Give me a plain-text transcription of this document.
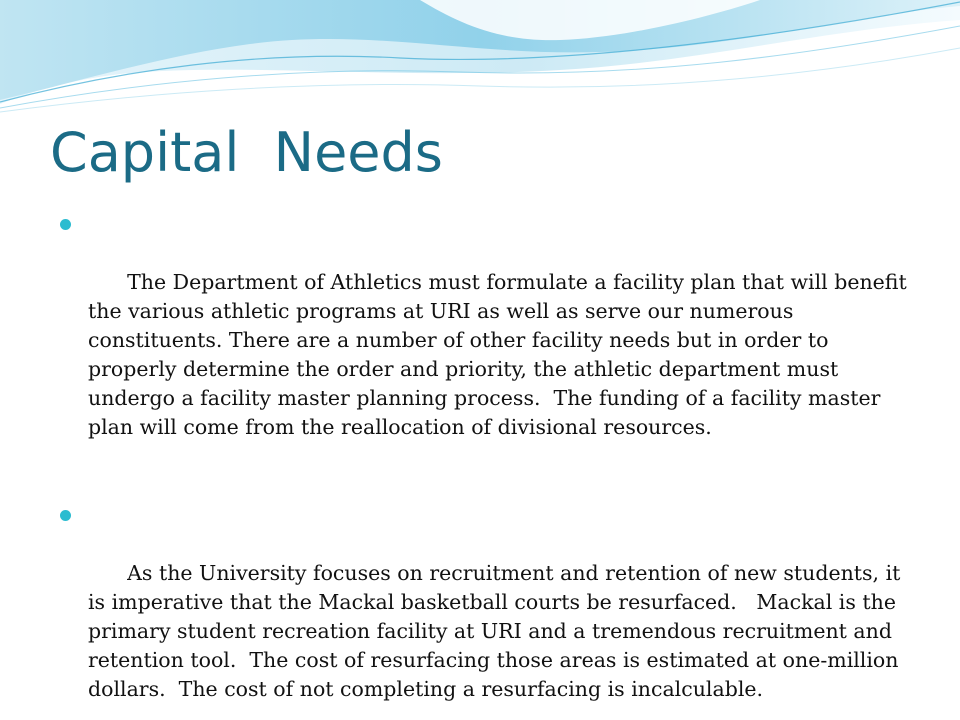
Capital  Needs

The Department of Athletics must formulate a facility plan that will benefit the various athletic programs at URI as well as serve our numerous constituents. There are a number of other facility needs but in order to properly determine the order and priority, the athletic department must undergo a facility master planning process.  The funding of a facility master plan will come from the reallocation of divisional resources.

As the University focuses on recruitment and retention of new students, it is imperative that the Mackal basketball courts be resurfaced.   Mackal is the primary student recreation facility at URI and a tremendous recruitment and retention tool.  The cost of resurfacing those areas is estimated at one-million dollars.  The cost of not completing a resurfacing is incalculable.
